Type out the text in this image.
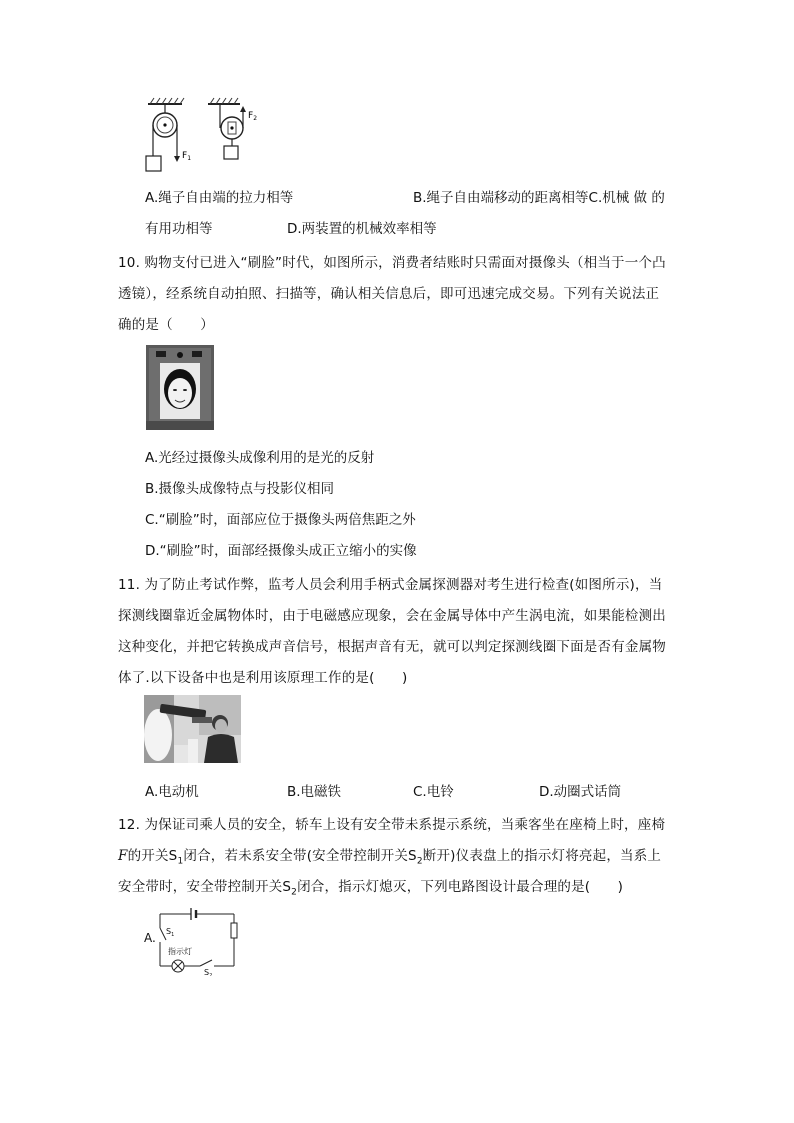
$F_1$
$F_2$
A.绳子自由端的拉力相等	B.绳子自由端移动的距离相等C.机械 做 的
有用功相等	D.两装置的机械效率相等
10. 购物支付已进入“刷脸”时代，如图所示，消费者结账时只需面对摄像头（相当于一个凸
透镜），经系统自动拍照、扫描等，确认相关信息后，即可迅速完成交易。下列有关说法正
确的是（　　）
A.光经过摄像头成像利用的是光的反射
B.摄像头成像特点与投影仪相同
C.“刷脸”时，面部应位于摄像头两倍焦距之外
D.“刷脸”时，面部经摄像头成正立缩小的实像
11. 为了防止考试作弊，监考人员会利用手柄式金属探测器对考生进行检查(如图所示)，当
探测线圈靠近金属物体时，由于电磁感应现象，会在金属导体中产生涡电流，如果能检测出
这种变化，并把它转换成声音信号，根据声音有无，就可以判定探测线圈下面是否有金属物
体了.以下设备中也是利用该原理工作的是(　　)
A.电动机	B.电磁铁	C.电铃	D.动圈式话筒
12. 为保证司乘人员的安全，轿车上设有安全带未系提示系统，当乘客坐在座椅上时，座椅
F的开关$S_1$闭合，若未系安全带(安全带控制开关$S_2$断开)仪表盘上的指示灯将亮起，当系上
安全带时，安全带控制开关$S_2$闭合，指示灯熄灭，下列电路图设计最合理的是(　　)
A. $S_1$
指示灯
$S_2$
